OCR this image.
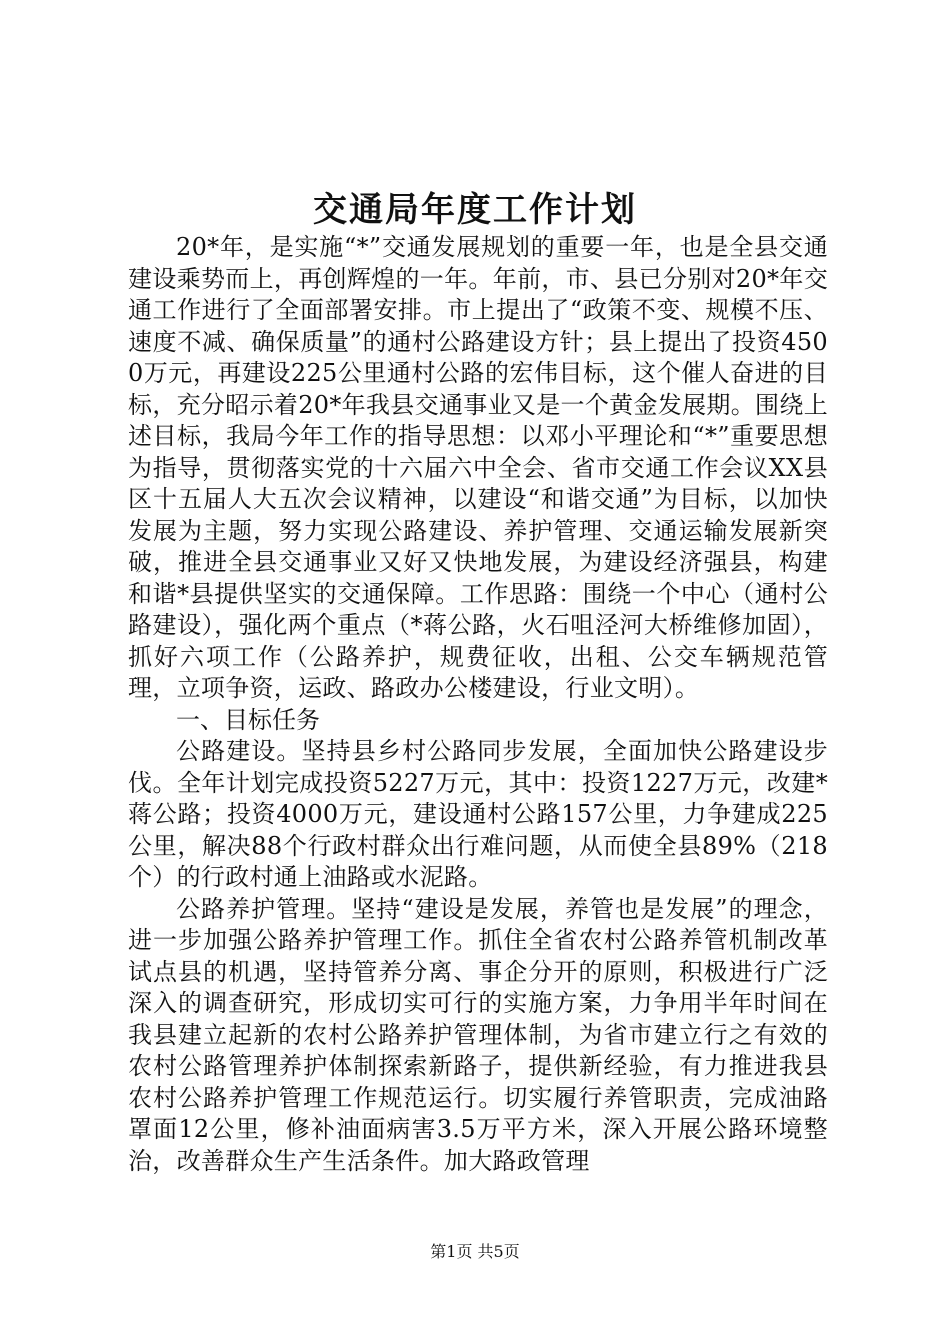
交通局年度工作计划

20*年，是实施“*”交通发展规划的重要一年，也是全县交通建设乘势而上，再创辉煌的一年。年前，市、县已分别对20*年交通工作进行了全面部署安排。市上提出了“政策不变、规模不压、速度不减、确保质量”的通村公路建设方针；县上提出了投资4500万元，再建设225公里通村公路的宏伟目标，这个催人奋进的目标，充分昭示着20*年我县交通事业又是一个黄金发展期。围绕上述目标，我局今年工作的指导思想：以邓小平理论和“*”重要思想为指导，贯彻落实党的十六届六中全会、省市交通工作会议XX县区十五届人大五次会议精神，以建设“和谐交通”为目标，以加快发展为主题，努力实现公路建设、养护管理、交通运输发展新突破，推进全县交通事业又好又快地发展，为建设经济强县，构建和谐*县提供坚实的交通保障。工作思路：围绕一个中心（通村公路建设），强化两个重点（*蒋公路，火石咀泾河大桥维修加固），抓好六项工作（公路养护，规费征收，出租、公交车辆规范管理，立项争资，运政、路政办公楼建设，行业文明）。

一、目标任务

公路建设。坚持县乡村公路同步发展，全面加快公路建设步伐。全年计划完成投资5227万元，其中：投资1227万元，改建*蒋公路；投资4000万元，建设通村公路157公里，力争建成225公里，解决88个行政村群众出行难问题，从而使全县89%（218个）的行政村通上油路或水泥路。

公路养护管理。坚持“建设是发展，养管也是发展”的理念，进一步加强公路养护管理工作。抓住全省农村公路养管机制改革试点县的机遇，坚持管养分离、事企分开的原则，积极进行广泛深入的调查研究，形成切实可行的实施方案，力争用半年时间在我县建立起新的农村公路养护管理体制，为省市建立行之有效的农村公路管理养护体制探索新路子，提供新经验，有力推进我县农村公路养护管理工作规范运行。切实履行养管职责，完成油路罩面12公里，修补油面病害3.5万平方米，深入开展公路环境整治，改善群众生产生活条件。加大路政管理

第1页 共5页
